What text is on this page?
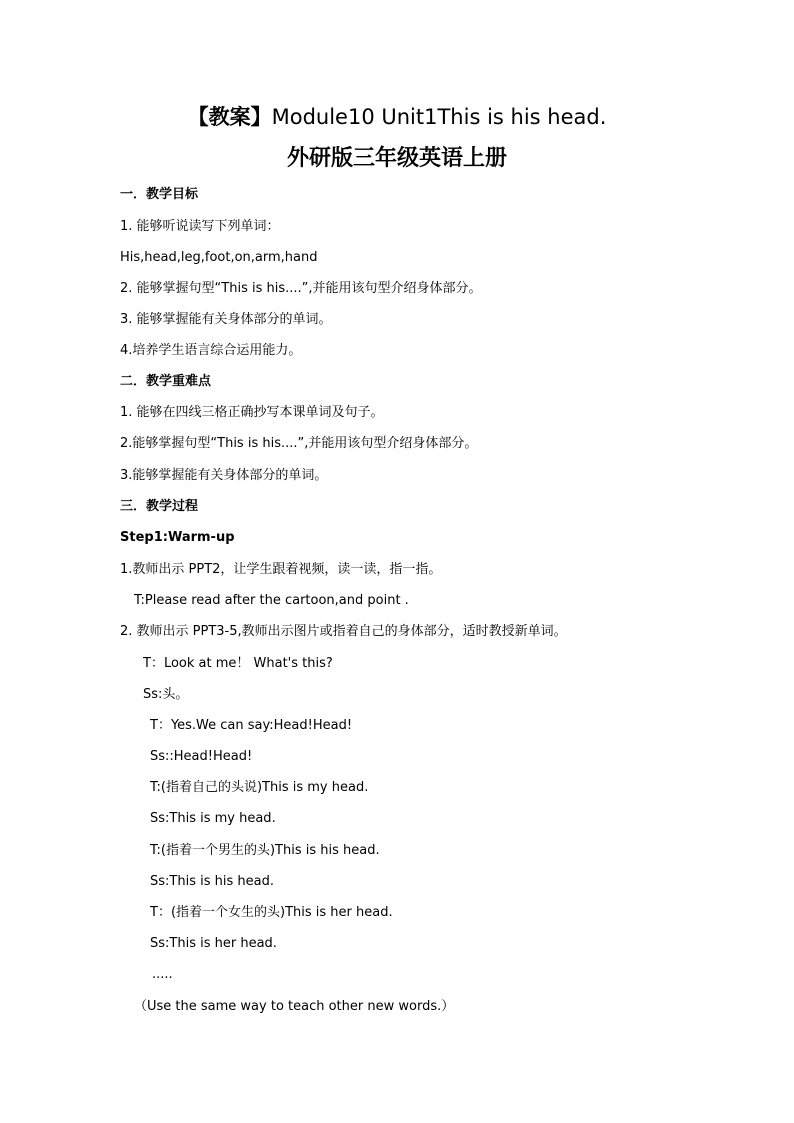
【教案】Module10 Unit1This is his head.
外研版三年级英语上册
一．教学目标
1. 能够听说读写下列单词：
His,head,leg,foot,on,arm,hand
2. 能够掌握句型“This is his....”,并能用该句型介绍身体部分。
3. 能够掌握能有关身体部分的单词。
4.培养学生语言综合运用能力。
二．教学重难点
1. 能够在四线三格正确抄写本课单词及句子。
2.能够掌握句型“This is his....”,并能用该句型介绍身体部分。
3.能够掌握能有关身体部分的单词。
三．教学过程
Step1:Warm-up
1.教师出示 PPT2，让学生跟着视频，读一读，指一指。
T:Please read after the cartoon,and point .
2. 教师出示 PPT3-5,教师出示图片或指着自己的身体部分，适时教授新单词。
T：Look at me！ What's this?
Ss:头。
T：Yes.We can say:Head!Head!
Ss::Head!Head!
T:(指着自己的头说)This is my head.
Ss:This is my head.
T:(指着一个男生的头)This is his head.
Ss:This is his head.
T：(指着一个女生的头)This is her head.
Ss:This is her head.
.....
（Use the same way to teach other new words.）
